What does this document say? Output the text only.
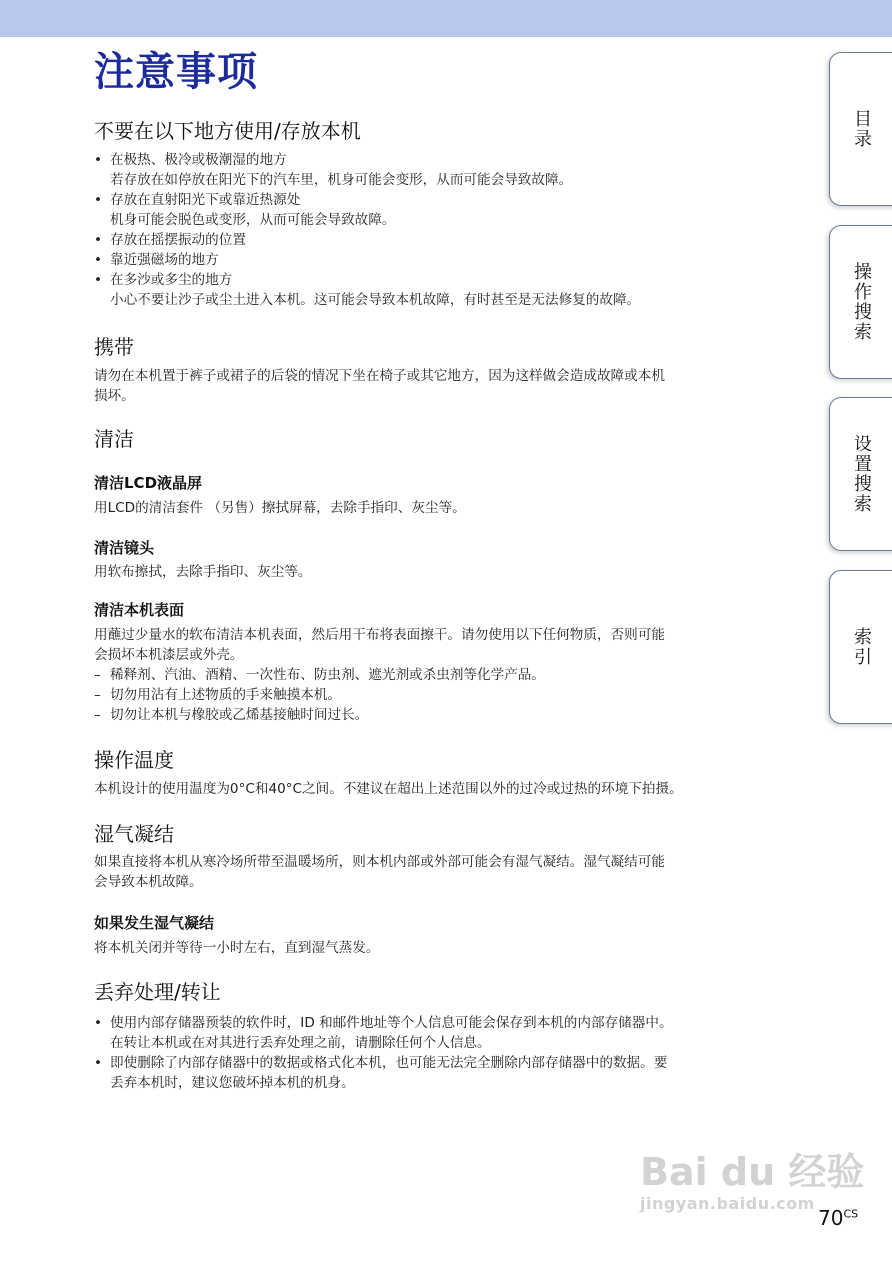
注意事项
目录
操作搜索
设置搜索
索引
不要在以下地方使用/存放本机
• 在极热、极冷或极潮湿的地方
若存放在如停放在阳光下的汽车里，机身可能会变形，从而可能会导致故障。
• 存放在直射阳光下或靠近热源处
机身可能会脱色或变形，从而可能会导致故障。
• 存放在摇摆振动的位置
• 靠近强磁场的地方
• 在多沙或多尘的地方
小心不要让沙子或尘土进入本机。这可能会导致本机故障，有时甚至是无法修复的故障。
携带
请勿在本机置于裤子或裙子的后袋的情况下坐在椅子或其它地方，因为这样做会造成故障或本机
损坏。
清洁
清洁LCD液晶屏
用LCD的清洁套件 （另售）擦拭屏幕，去除手指印、灰尘等。
清洁镜头
用软布擦拭，去除手指印、灰尘等。
清洁本机表面
用蘸过少量水的软布清洁本机表面，然后用干布将表面擦干。请勿使用以下任何物质，否则可能
会损坏本机漆层或外壳。
– 稀释剂、汽油、酒精、一次性布、防虫剂、遮光剂或杀虫剂等化学产品。
– 切勿用沾有上述物质的手来触摸本机。
– 切勿让本机与橡胶或乙烯基接触时间过长。
操作温度
本机设计的使用温度为0°C和40°C之间。不建议在超出上述范围以外的过冷或过热的环境下拍摄。
湿气凝结
如果直接将本机从寒冷场所带至温暖场所，则本机内部或外部可能会有湿气凝结。湿气凝结可能
会导致本机故障。
如果发生湿气凝结
将本机关闭并等待一小时左右，直到湿气蒸发。
丢弃处理/转让
• 使用内部存储器预装的软件时，ID 和邮件地址等个人信息可能会保存到本机的内部存储器中。
在转让本机或在对其进行丢弃处理之前，请删除任何个人信息。
• 即使删除了内部存储器中的数据或格式化本机，也可能无法完全删除内部存储器中的数据。要
丢弃本机时，建议您破坏掉本机的机身。
Bai du 经验
jingyan.baidu.com
$70^{CS}$
